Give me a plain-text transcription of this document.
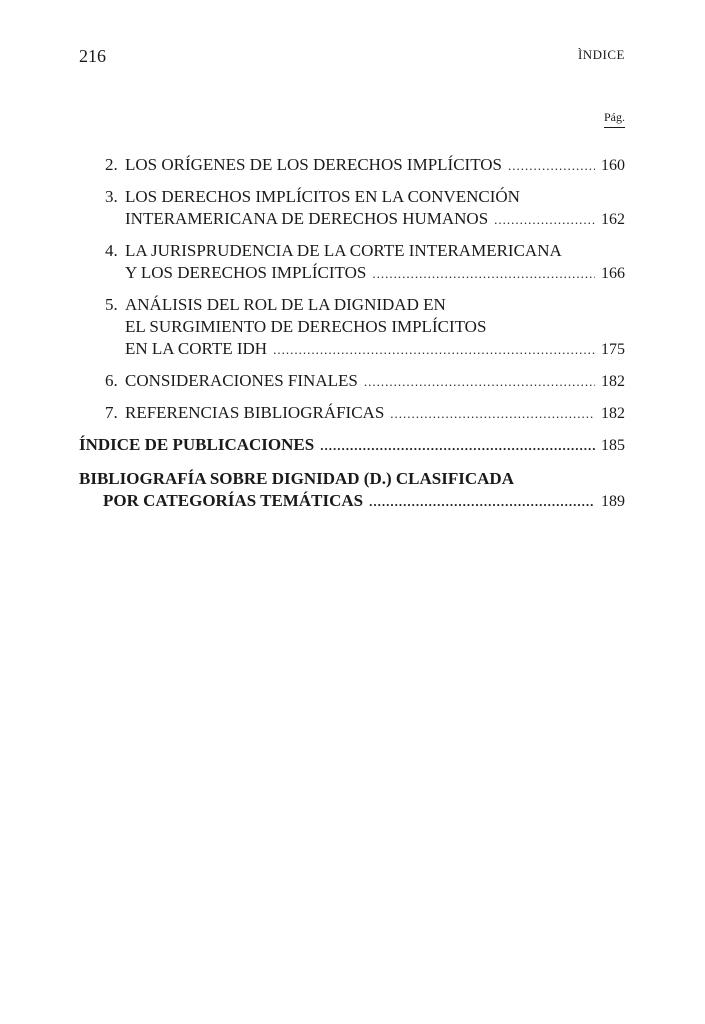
216	ÌNDICE
Pág.
2. LOS ORÍGENES DE LOS DERECHOS IMPLÍCITOS .....	160
3. LOS DERECHOS IMPLÍCITOS EN LA CONVENCIÓN
INTERAMERICANA DE DERECHOS HUMANOS .....	162
4. LA JURISPRUDENCIA DE LA CORTE INTERAMERICANA
Y LOS DERECHOS IMPLÍCITOS .....	166
5. ANÁLISIS DEL ROL DE LA DIGNIDAD EN
EL SURGIMIENTO DE DERECHOS IMPLÍCITOS
EN LA CORTE IDH .....	175
6. CONSIDERACIONES FINALES .....	182
7. REFERENCIAS BIBLIOGRÁFICAS .....	182
ÍNDICE DE PUBLICACIONES .....	185
BIBLIOGRAFÍA SOBRE DIGNIDAD (D.) CLASIFICADA
POR CATEGORÍAS TEMÁTICAS .....	189
